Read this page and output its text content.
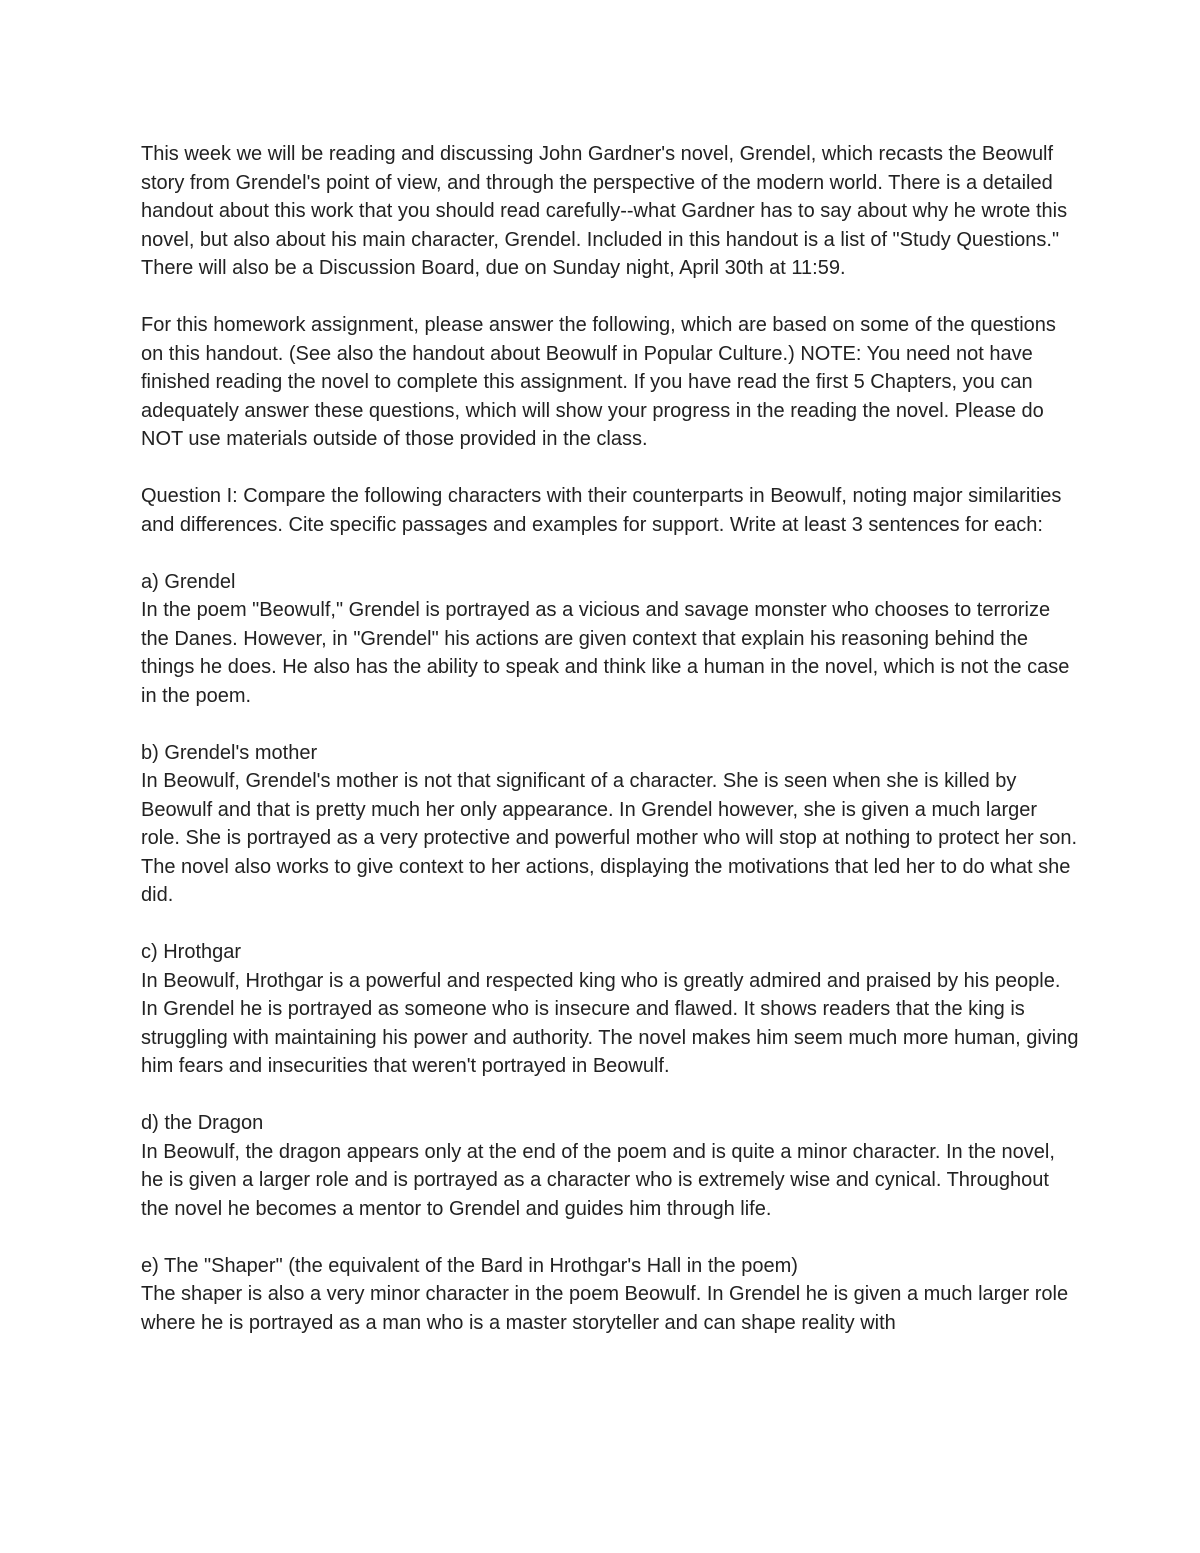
This week we will be reading and discussing John Gardner's novel, Grendel, which recasts the Beowulf story from Grendel's point of view, and through the perspective of the modern world. There is a detailed handout about this work that you should read carefully--what Gardner has to say about why he wrote this novel, but also about his main character, Grendel. Included in this handout is a list of "Study Questions." There will also be a Discussion Board, due on Sunday night, April 30th at 11:59.

For this homework assignment, please answer the following, which are based on some of the questions on this handout. (See also the handout about Beowulf in Popular Culture.) NOTE: You need not have finished reading the novel to complete this assignment. If you have read the first 5 Chapters, you can adequately answer these questions, which will show your progress in the reading the novel. Please do NOT use materials outside of those provided in the class.

Question I: Compare the following characters with their counterparts in Beowulf, noting major similarities and differences. Cite specific passages and examples for support. Write at least 3 sentences for each:

a) Grendel

In the poem "Beowulf," Grendel is portrayed as a vicious and savage monster who chooses to terrorize the Danes. However, in "Grendel" his actions are given context that explain his reasoning behind the things he does. He also has the ability to speak and think like a human in the novel, which is not the case in the poem.

b) Grendel's mother

In Beowulf, Grendel's mother is not that significant of a character. She is seen when she is killed by Beowulf and that is pretty much her only appearance. In Grendel however, she is given a much larger role. She is portrayed as a very protective and powerful mother who will stop at nothing to protect her son. The novel also works to give context to her actions, displaying the motivations that led her to do what she did.

c) Hrothgar

In Beowulf, Hrothgar is a powerful and respected king who is greatly admired and praised by his people. In Grendel he is portrayed as someone who is insecure and flawed. It shows readers that the king is struggling with maintaining his power and authority. The novel makes him seem much more human, giving him fears and insecurities that weren't portrayed in Beowulf.

d) the Dragon

In Beowulf, the dragon appears only at the end of the poem and is quite a minor character. In the novel, he is given a larger role and is portrayed as a character who is extremely wise and cynical. Throughout the novel he becomes a mentor to Grendel and guides him through life.

e) The "Shaper" (the equivalent of the Bard in Hrothgar's Hall in the poem)

The shaper is also a very minor character in the poem Beowulf. In Grendel he is given a much larger role where he is portrayed as a man who is a master storyteller and can shape reality with
